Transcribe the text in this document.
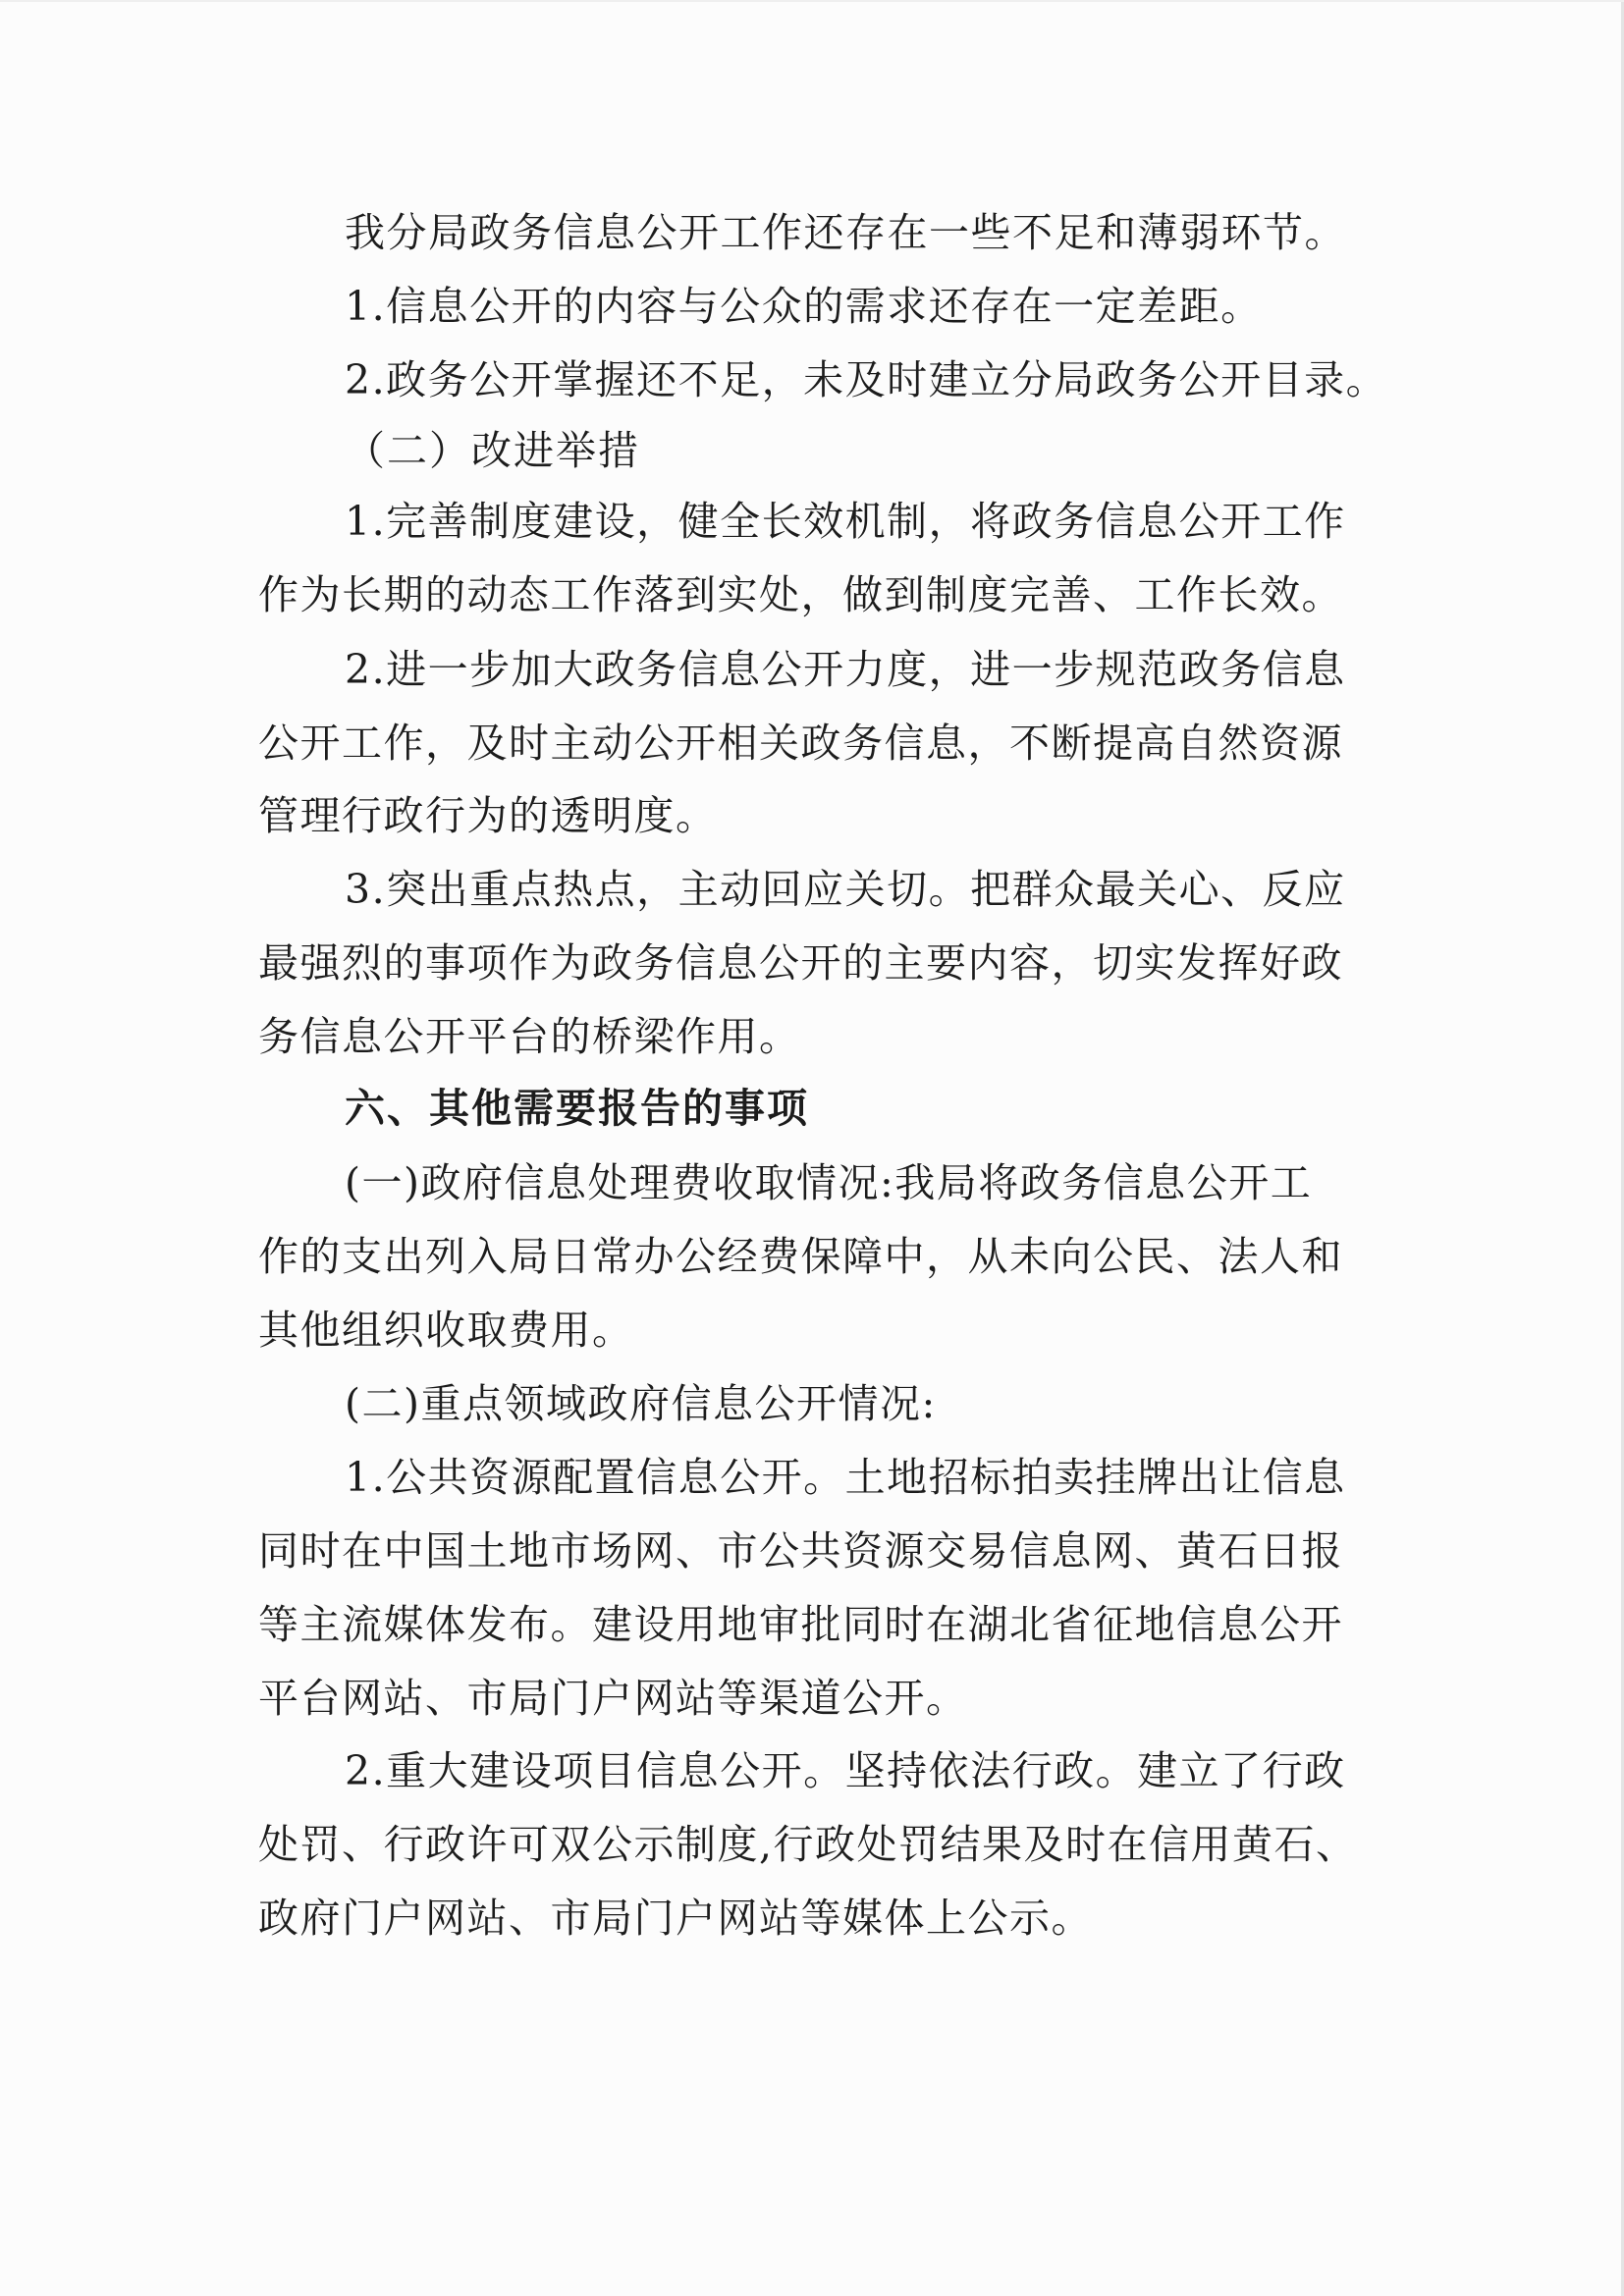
我分局政务信息公开工作还存在一些不足和薄弱环节。

1.信息公开的内容与公众的需求还存在一定差距。

2.政务公开掌握还不足，未及时建立分局政务公开目录。

（二）改进举措

1.完善制度建设，健全长效机制，将政务信息公开工作

作为长期的动态工作落到实处，做到制度完善、工作长效。

2.进一步加大政务信息公开力度，进一步规范政务信息

公开工作，及时主动公开相关政务信息，不断提高自然资源

管理行政行为的透明度。

3.突出重点热点，主动回应关切。把群众最关心、反应

最强烈的事项作为政务信息公开的主要内容，切实发挥好政

务信息公开平台的桥梁作用。

六、其他需要报告的事项

(一)政府信息处理费收取情况:我局将政务信息公开工

作的支出列入局日常办公经费保障中，从未向公民、法人和

其他组织收取费用。

(二)重点领域政府信息公开情况:

1.公共资源配置信息公开。土地招标拍卖挂牌出让信息

同时在中国土地市场网、市公共资源交易信息网、黄石日报

等主流媒体发布。建设用地审批同时在湖北省征地信息公开

平台网站、市局门户网站等渠道公开。

2.重大建设项目信息公开。坚持依法行政。建立了行政

处罚、行政许可双公示制度,行政处罚结果及时在信用黄石、

政府门户网站、市局门户网站等媒体上公示。
